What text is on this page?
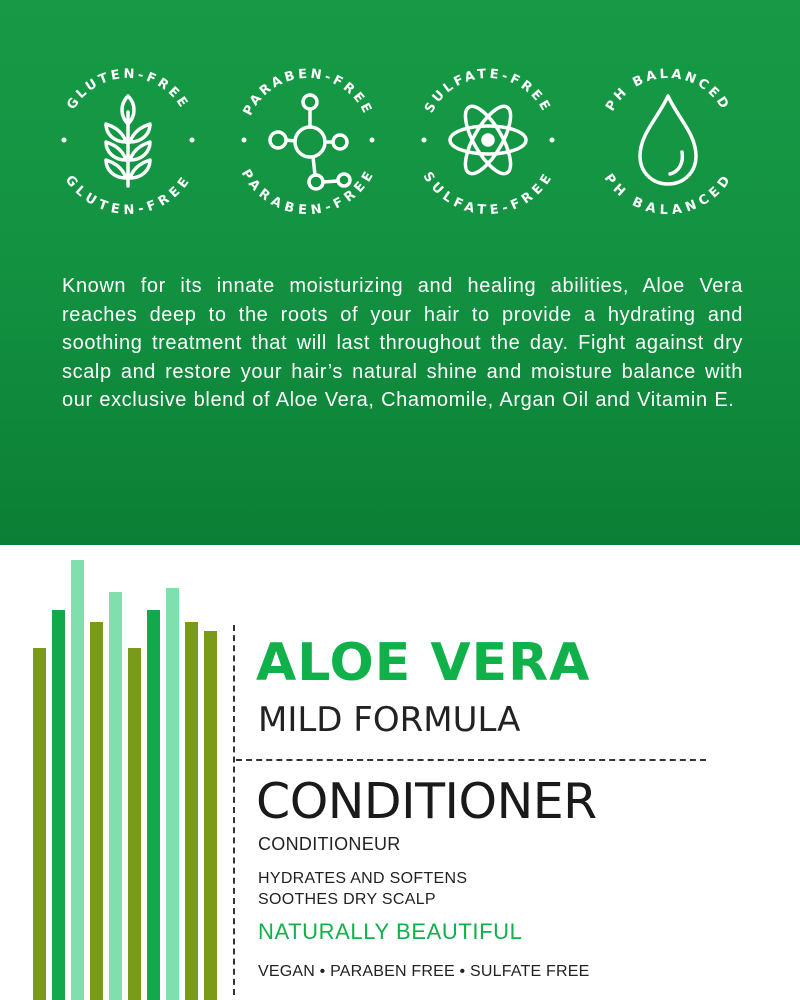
GLUTEN-FREE
GLUTEN-FREE
PARABEN-FREE
PARABEN-FREE
SULFATE-FREE
SULFATE-FREE
PH BALANCED
PH BALANCED

Known for its innate moisturizing and healing abilities, Aloe Vera reaches deep to the roots of your hair to provide a hydrating and soothing treatment that will last throughout the day. Fight against dry scalp and restore your hair’s natural shine and moisture balance with our exclusive blend of Aloe Vera, Chamomile, Argan Oil and Vitamin E.

ALOE VERA
MILD FORMULA
CONDITIONER
CONDITIONEUR
HYDRATES AND SOFTENS
SOOTHES DRY SCALP
NATURALLY BEAUTIFUL
VEGAN • PARABEN FREE • SULFATE FREE
